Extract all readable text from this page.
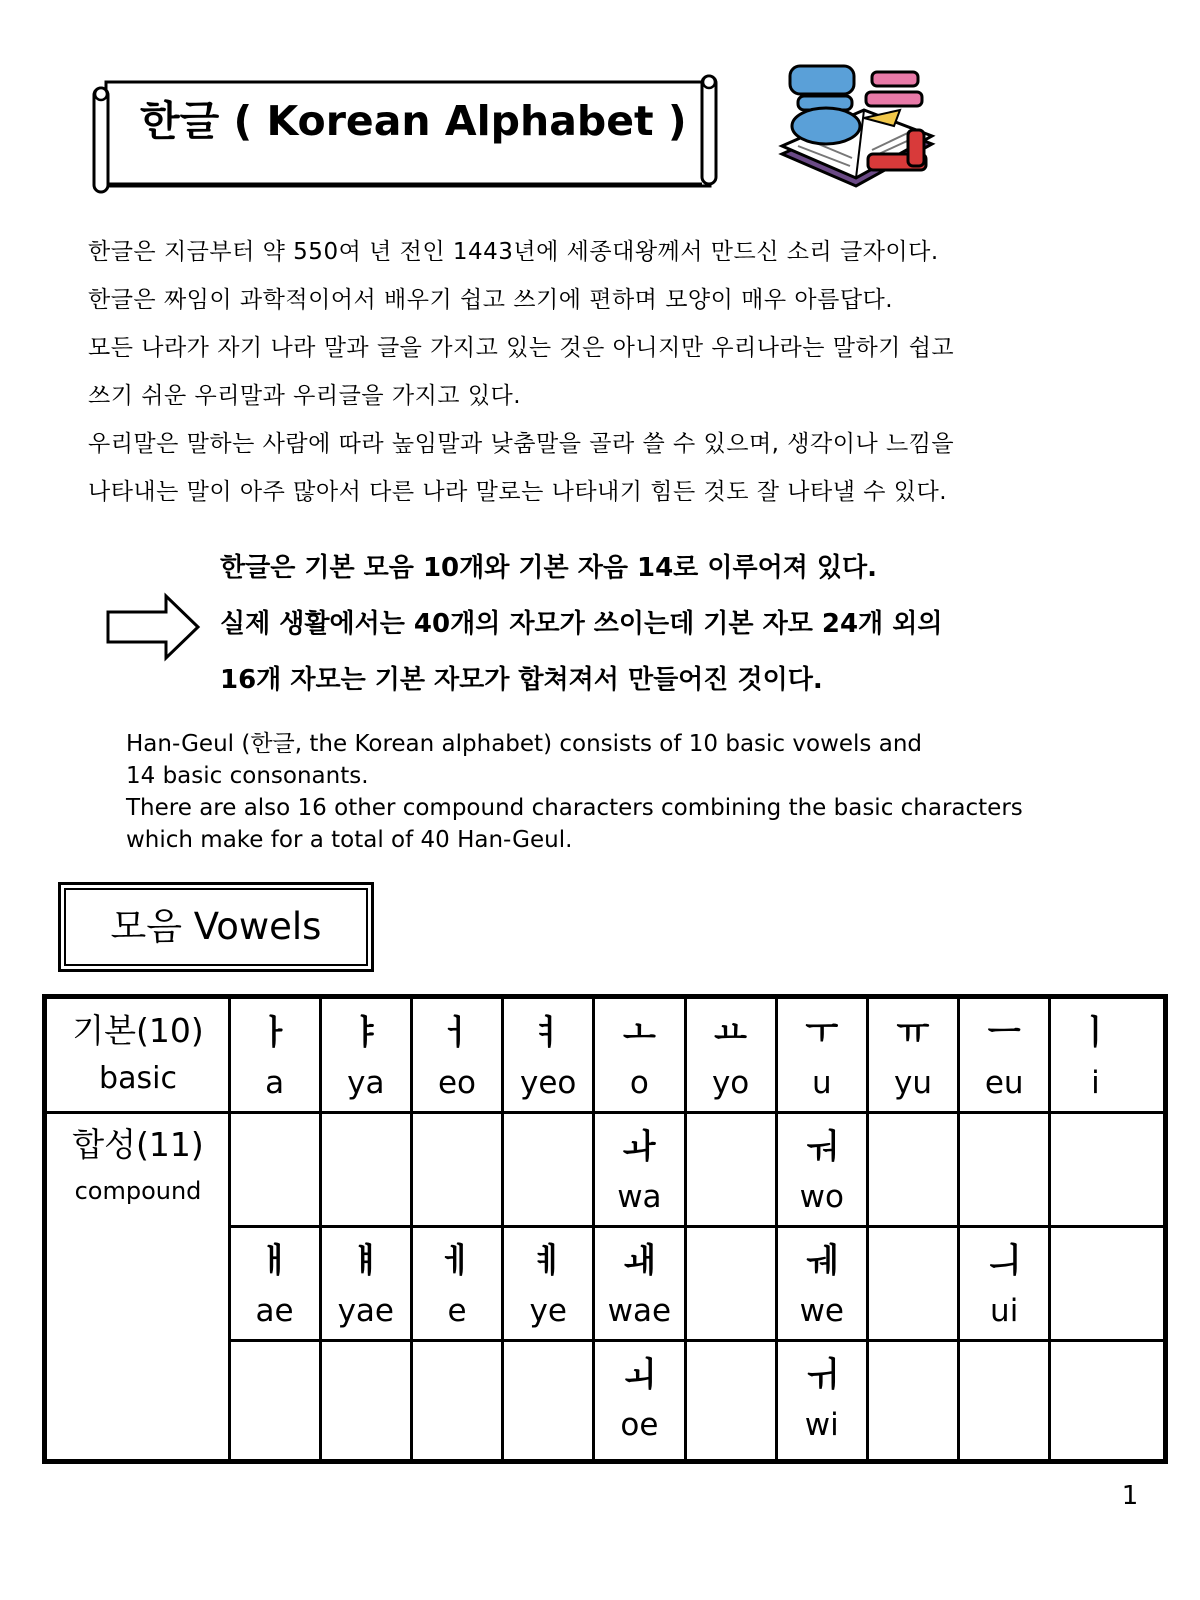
한글 ( Korean Alphabet )
한글은 지금부터 약 550여 년 전인 1443년에 세종대왕께서 만드신 소리 글자이다.
한글은 짜임이 과학적이어서 배우기 쉽고 쓰기에 편하며 모양이 매우 아름답다.
모든 나라가 자기 나라 말과 글을 가지고 있는 것은 아니지만 우리나라는 말하기 쉽고
쓰기 쉬운 우리말과 우리글을 가지고 있다.
우리말은 말하는 사람에 따라 높임말과 낮춤말을 골라 쓸 수 있으며, 생각이나 느낌을
나타내는 말이 아주 많아서 다른 나라 말로는 나타내기 힘든 것도 잘 나타낼 수 있다.
한글은 기본 모음 10개와 기본 자음 14로 이루어져 있다.
실제 생활에서는 40개의 자모가 쓰이는데 기본 자모 24개 외의
16개 자모는 기본 자모가 합쳐져서 만들어진 것이다.
Han-Geul (한글, the Korean alphabet) consists of 10 basic vowels and
14 basic consonants.
There are also 16 other compound characters combining the basic characters
which make for a total of 40 Han-Geul.
모음 Vowels
ㅏ
a
ㅑ
ya
ㅓ
eo
ㅕ
yeo
ㅗ
o
ㅛ
yo
ㅜ
u
ㅠ
yu
ㅡ
eu
ㅣ
i
ㅘ
wa
ㅝ
wo
ㅐ
ae
ㅒ
yae
ㅔ
e
ㅖ
ye
ㅙ
wae
ㅞ
we
ㅢ
ui
ㅚ
oe
ㅟ
wi
기본(10)
basic
합성(11)
compound
1
